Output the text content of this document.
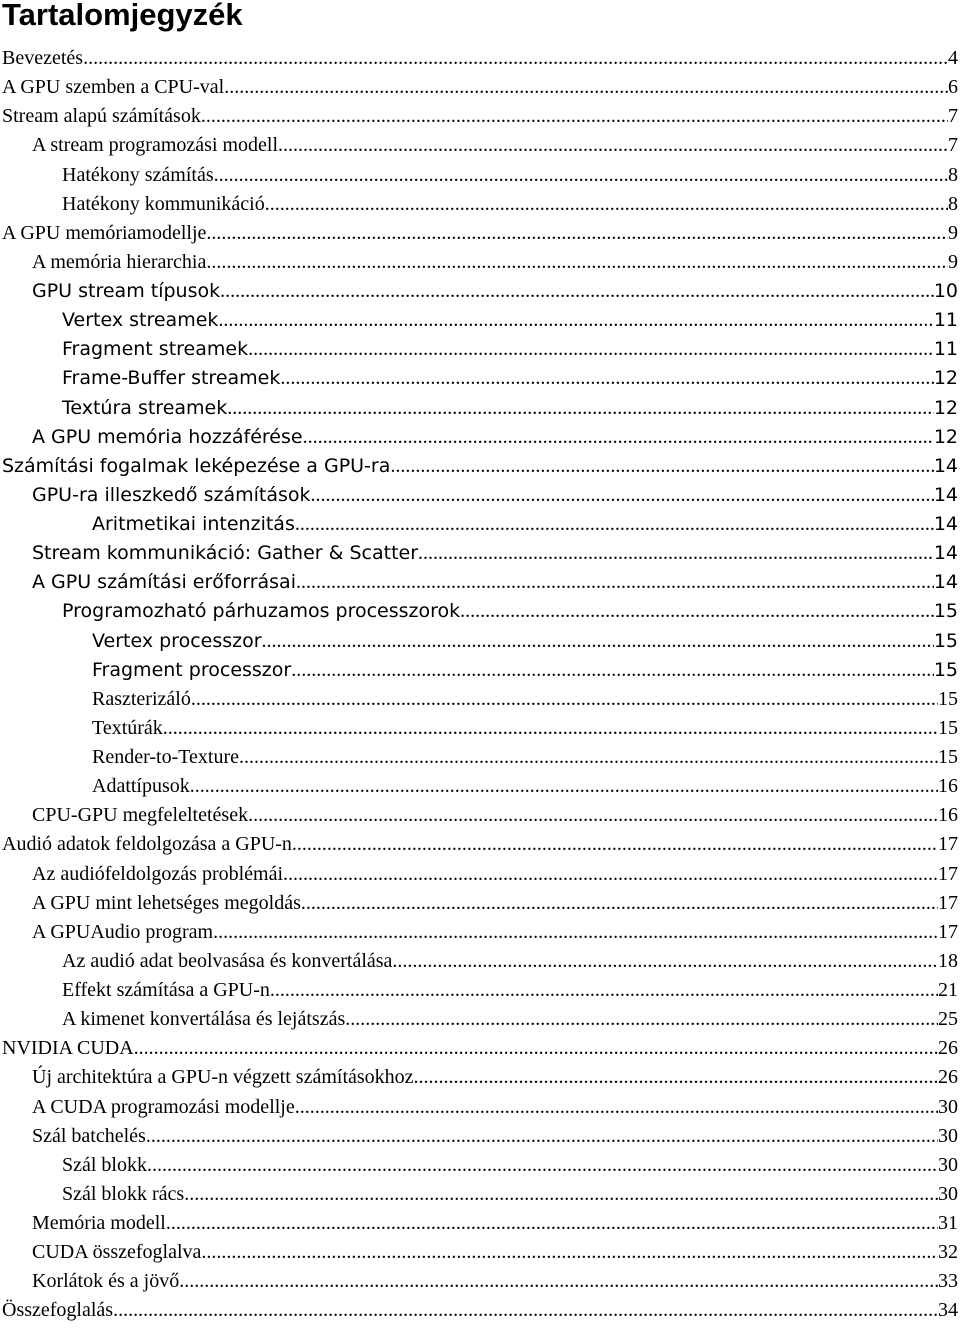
Tartalomjegyzék
Bevezetés	4
A GPU szemben a CPU-val	6
Stream alapú számítások	7
A stream programozási modell	7
Hatékony számítás	8
Hatékony kommunikáció	8
A GPU memóriamodellje	9
A memória hierarchia	9
GPU stream típusok	10
Vertex streamek	11
Fragment streamek	11
Frame-Buffer streamek	12
Textúra streamek	12
A GPU memória hozzáférése	12
Számítási fogalmak leképezése a GPU-ra	14
GPU-ra illeszkedő számítások	14
Aritmetikai intenzitás	14
Stream kommunikáció: Gather & Scatter	14
A GPU számítási erőforrásai	14
Programozható párhuzamos processzorok	15
Vertex processzor	15
Fragment processzor	15
Raszterizáló	15
Textúrák	15
Render-to-Texture	15
Adattípusok	16
CPU-GPU megfeleltetések	16
Audió adatok feldolgozása a GPU-n	17
Az audiófeldolgozás problémái	17
A GPU mint lehetséges megoldás	17
A GPUAudio program	17
Az audió adat beolvasása és konvertálása	18
Effekt számítása a GPU-n	21
A kimenet konvertálása és lejátszás	25
NVIDIA CUDA	26
Új architektúra a GPU-n végzett számításokhoz	26
A CUDA programozási modellje	30
Szál batchelés	30
Szál blokk	30
Szál blokk rács	30
Memória modell	31
CUDA összefoglalva	32
Korlátok és a jövő	33
Összefoglalás	34
